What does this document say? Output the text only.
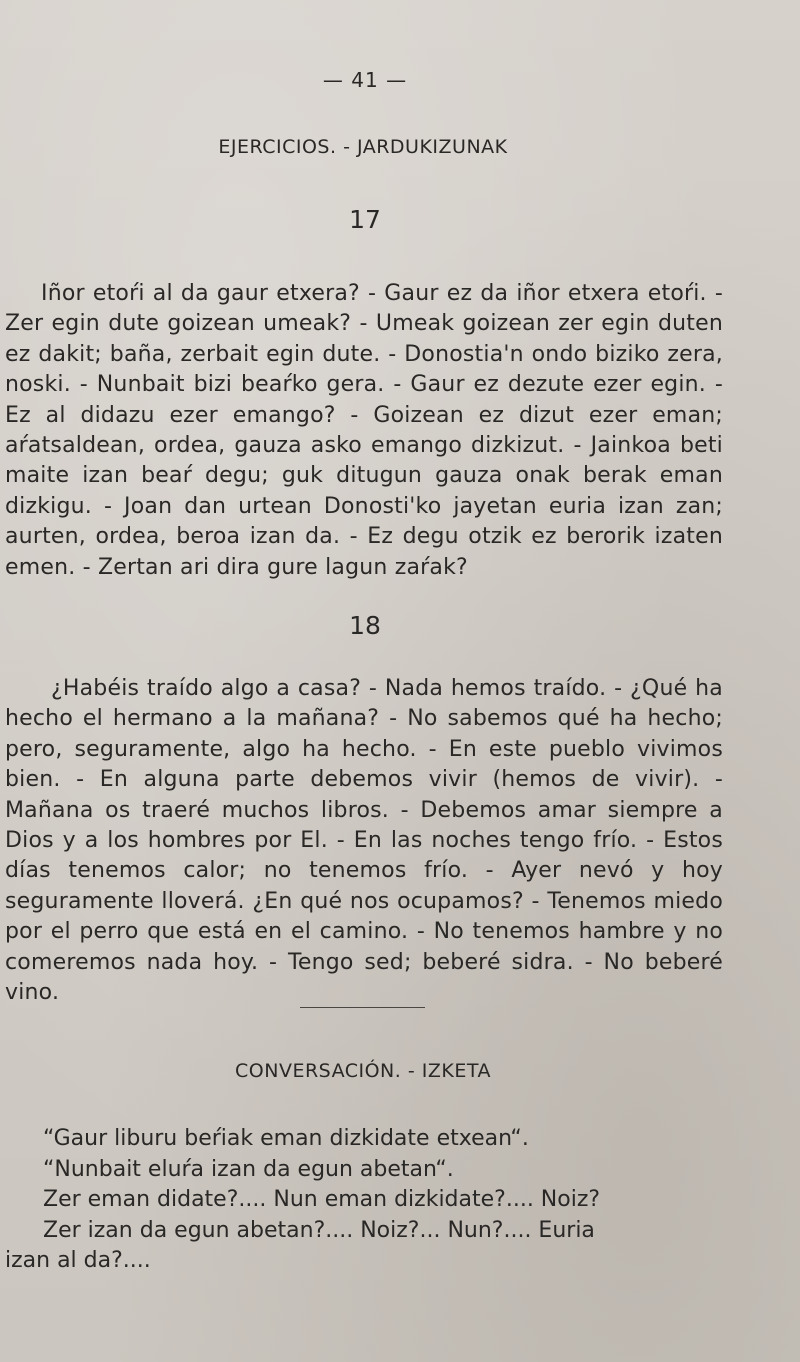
— 41 —
EJERCICIOS. - JARDUKIZUNAK
17

Iñor etoŕi al da gaur etxera? - Gaur ez da iñor etxera etoŕi. - Zer egin dute goizean umeak? - Umeak goizean zer egin duten ez dakit; baña, zerbait egin dute. - Donostia'n ondo biziko zera, noski. - Nunbait bizi beaŕko gera. - Gaur ez dezute ezer egin. - Ez al didazu ezer emango? - Goizean ez dizut ezer eman; aŕatsaldean, ordea, gauza asko emango dizkizut. - Jainkoa beti maite izan beaŕ degu; guk ditugun gauza onak berak eman dizkigu. - Joan dan urtean Donosti'ko jayetan euria izan zan; aurten, ordea, beroa izan da. - Ez degu otzik ez berorik izaten emen. - Zertan ari dira gure lagun zaŕak?

18

¿Habéis traído algo a casa? - Nada hemos traído. - ¿Qué ha hecho el hermano a la mañana? - No sabemos qué ha hecho; pero, seguramente, algo ha hecho. - En este pueblo vivimos bien. - En alguna parte debemos vivir (hemos de vivir). - Mañana os traeré muchos libros. - Debemos amar siempre a Dios y a los hombres por El. - En las noches tengo frío. - Estos días tenemos calor; no tenemos frío. - Ayer nevó y hoy seguramente lloverá. ¿En qué nos ocupamos? - Tenemos miedo por el perro que está en el camino. - No tenemos hambre y no comeremos nada hoy. - Tengo sed; beberé sidra. - No beberé vino.

CONVERSACIÓN. - IZKETA
“Gaur liburu beŕiak eman dizkidate etxean“.
“Nunbait eluŕa izan da egun abetan“.
Zer eman didate?.... Nun eman dizkidate?.... Noiz?
Zer izan da egun abetan?.... Noiz?... Nun?.... Euria
izan al da?....
